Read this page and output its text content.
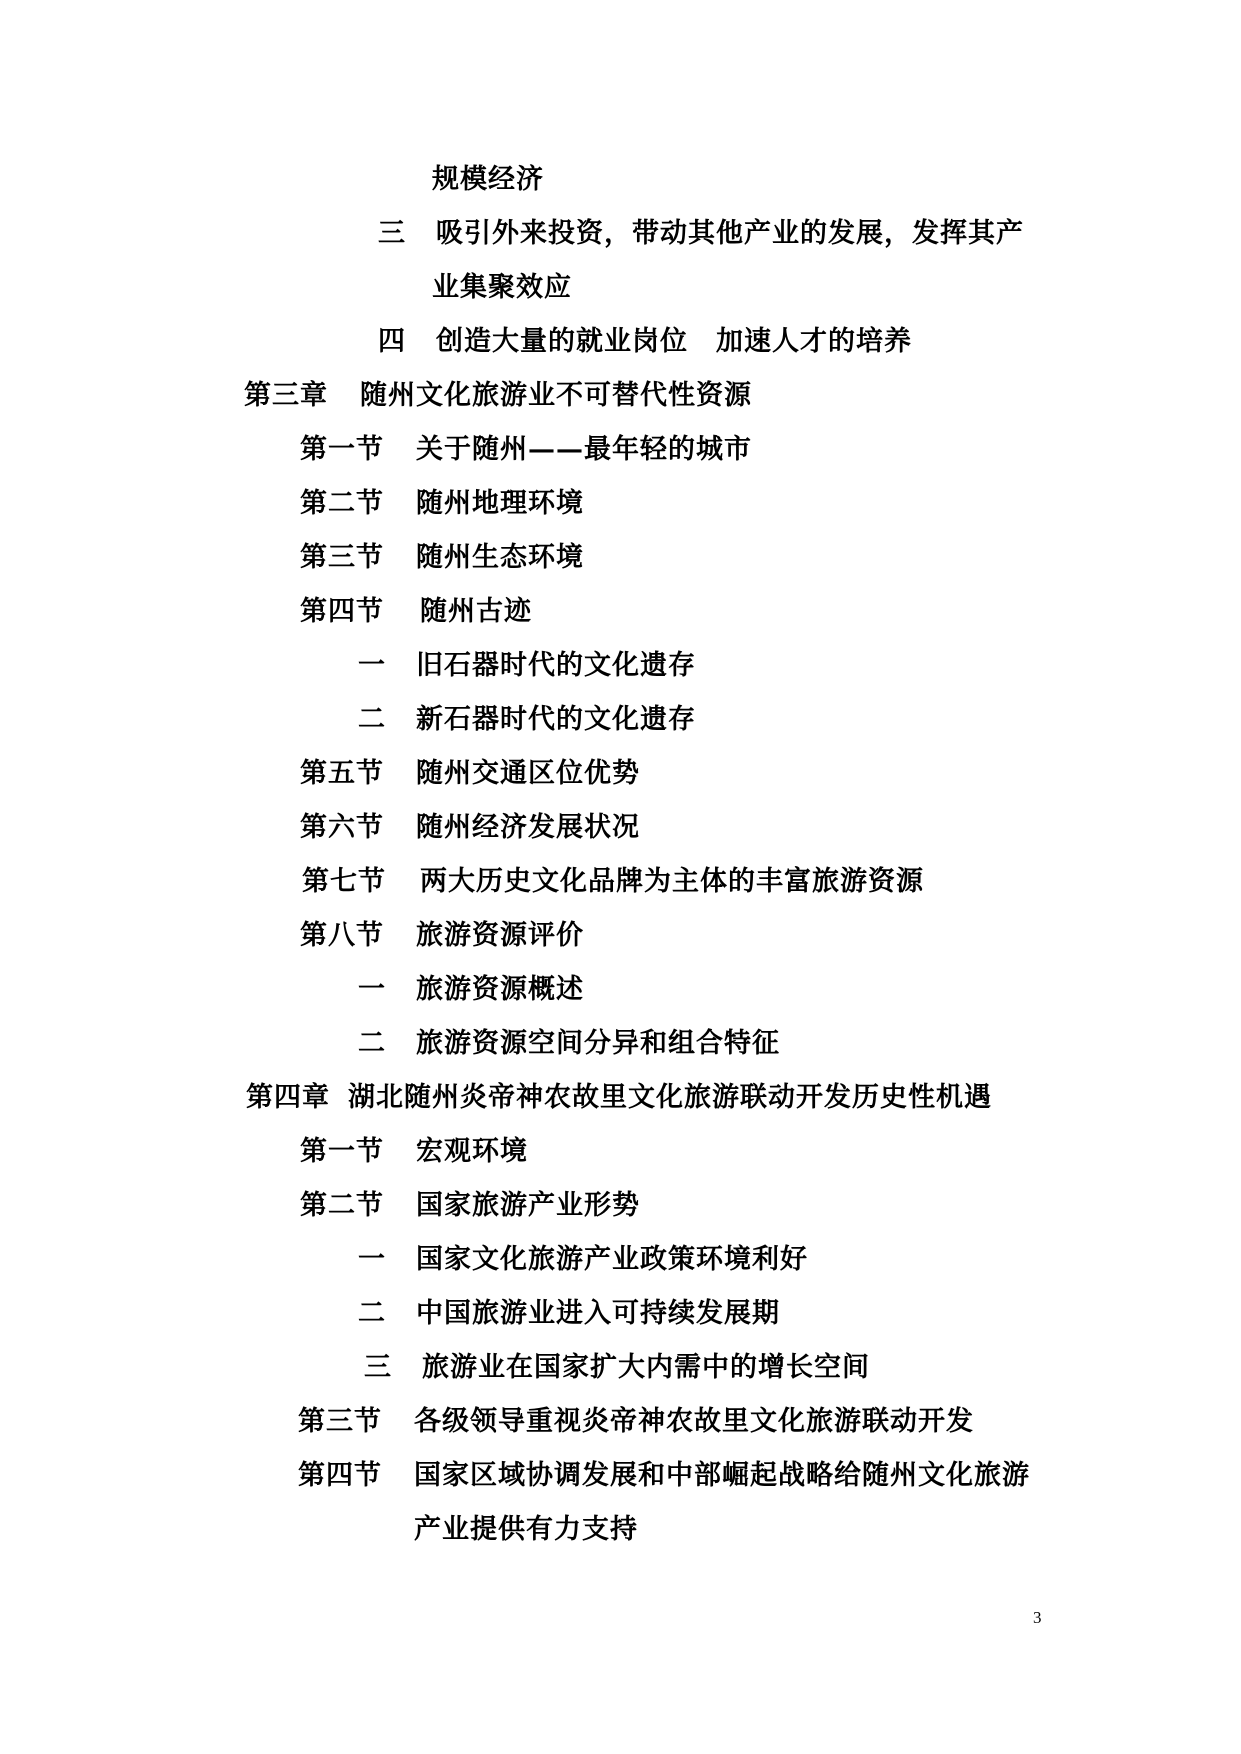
规模经济
三 吸引外来投资，带动其他产业的发展，发挥其产
业集聚效应
四 创造大量的就业岗位　加速人才的培养
第三章 随州文化旅游业不可替代性资源
第一节 关于随州——最年轻的城市
第二节 随州地理环境
第三节 随州生态环境
第四节 随州古迹
一 旧石器时代的文化遗存
二 新石器时代的文化遗存
第五节 随州交通区位优势
第六节 随州经济发展状况
第七节 两大历史文化品牌为主体的丰富旅游资源
第八节 旅游资源评价
一 旅游资源概述
二 旅游资源空间分异和组合特征
第四章 湖北随州炎帝神农故里文化旅游联动开发历史性机遇
第一节 宏观环境
第二节 国家旅游产业形势
一 国家文化旅游产业政策环境利好
二 中国旅游业进入可持续发展期
三 旅游业在国家扩大内需中的增长空间
第三节 各级领导重视炎帝神农故里文化旅游联动开发
第四节 国家区域协调发展和中部崛起战略给随州文化旅游
产业提供有力支持
3
